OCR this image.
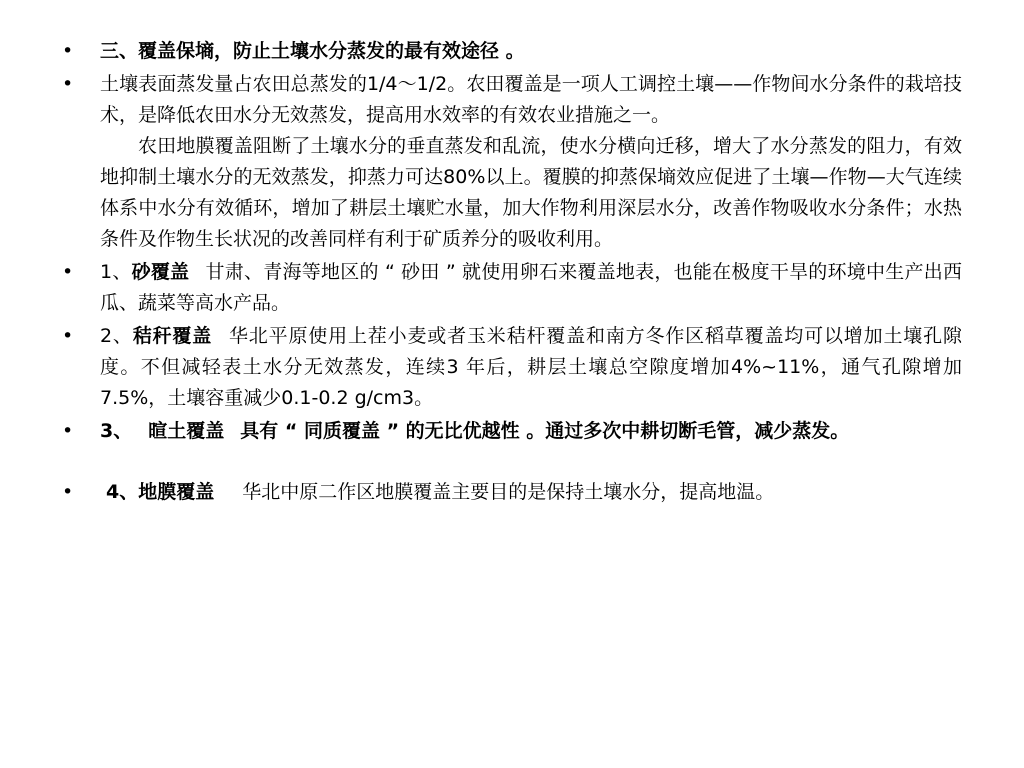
•	三、覆盖保墒，防止土壤水分蒸发的最有效途径 。

•	土壤表面蒸发量占农田总蒸发的1/4～1/2。农田覆盖是一项人工调控土壤——作物间水分条件的栽培技术，是降低农田水分无效蒸发，提高用水效率的有效农业措施之一。

农田地膜覆盖阻断了土壤水分的垂直蒸发和乱流，使水分横向迁移，增大了水分蒸发的阻力，有效地抑制土壤水分的无效蒸发，抑蒸力可达80%以上。覆膜的抑蒸保墒效应促进了土壤—作物—大气连续体系中水分有效循环，增加了耕层土壤贮水量，加大作物利用深层水分，改善作物吸收水分条件；水热条件及作物生长状况的改善同样有利于矿质养分的吸收利用。

•	1、砂覆盖 甘肃、青海等地区的 “ 砂田 ” 就使用卵石来覆盖地表，也能在极度干旱的环境中生产出西瓜、蔬菜等高水产品。

•	2、秸秆覆盖 华北平原使用上茬小麦或者玉米秸杆覆盖和南方冬作区稻草覆盖均可以增加土壤孔隙度。不但减轻表土水分无效蒸发，连续3 年后，耕层土壤总空隙度增加4%~11%，通气孔隙增加7.5%，土壤容重减少0.1-0.2 g/cm3。

•	3、 暄土覆盖 具有 “ 同质覆盖 ” 的无比优越性 。通过多次中耕切断毛管，减少蒸发。

•	4、地膜覆盖 华北中原二作区地膜覆盖主要目的是保持土壤水分，提高地温。
